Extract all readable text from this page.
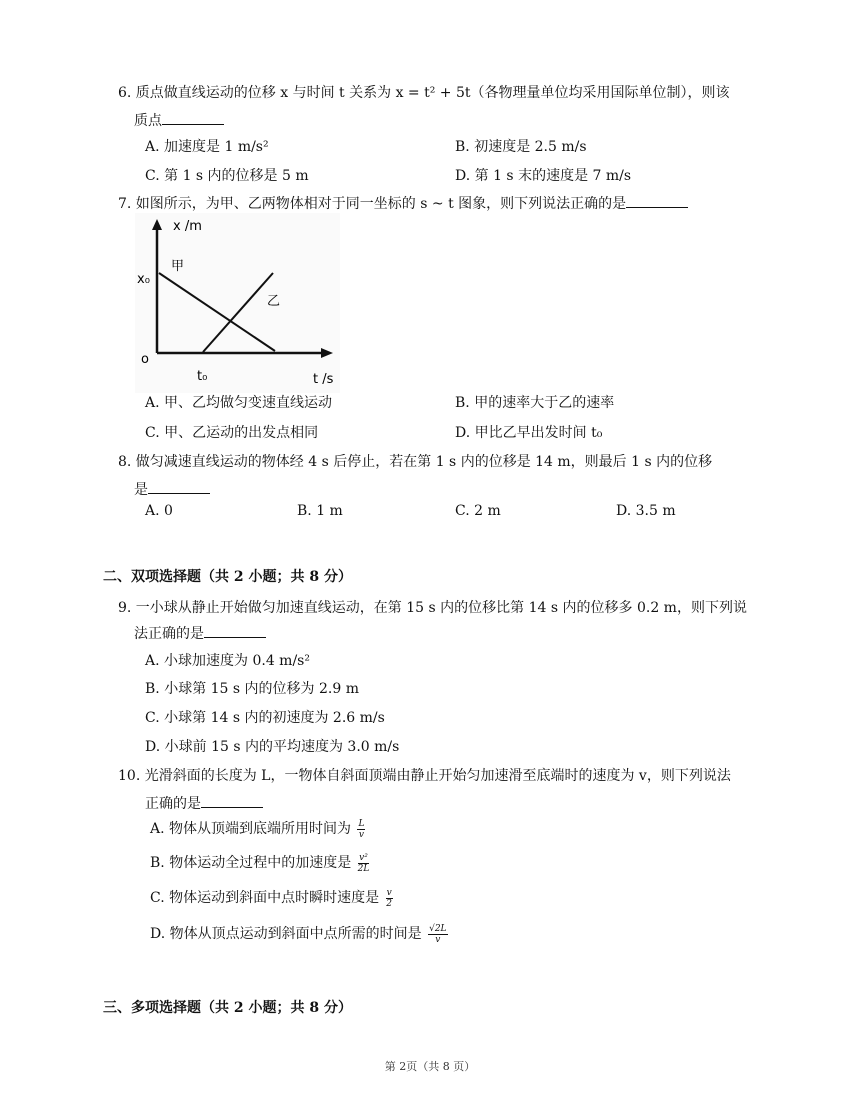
6. 质点做直线运动的位移 x 与时间 t 关系为 x = t² + 5t（各物理量单位均采用国际单位制），则该
质点
A. 加速度是 1 m/s²	B. 初速度是 2.5 m/s
C. 第 1 s 内的位移是 5 m	D. 第 1 s 末的速度是 7 m/s
7. 如图所示，为甲、乙两物体相对于同一坐标的 s ~ t 图象，则下列说法正确的是
x /m
t /s
x₀
o
t₀
甲
乙
A. 甲、乙均做匀变速直线运动	B. 甲的速率大于乙的速率
C. 甲、乙运动的出发点相同	D. 甲比乙早出发时间 t₀
8. 做匀减速直线运动的物体经 4 s 后停止，若在第 1 s 内的位移是 14 m，则最后 1 s 内的位移
是
A. 0	B. 1 m	C. 2 m	D. 3.5 m
二、双项选择题（共 2 小题；共 8 分）
9. 一小球从静止开始做匀加速直线运动，在第 15 s 内的位移比第 14 s 内的位移多 0.2 m，则下列说
法正确的是
A. 小球加速度为 0.4 m/s²
B. 小球第 15 s 内的位移为 2.9 m
C. 小球第 14 s 内的初速度为 2.6 m/s
D. 小球前 15 s 内的平均速度为 3.0 m/s
10. 光滑斜面的长度为 L，一物体自斜面顶端由静止开始匀加速滑至底端时的速度为 v，则下列说法
正确的是
A. 物体从顶端到底端所用时间为 $\frac{L}{v}$
B. 物体运动全过程中的加速度是 $\frac{\text{v²}}{2L}$
C. 物体运动到斜面中点时瞬时速度是 $\frac{v}{2}$
D. 物体从顶点运动到斜面中点所需的时间是 $\frac{√2L}{v}$
三、多项选择题（共 2 小题；共 8 分）
第 2页（共 8 页）
